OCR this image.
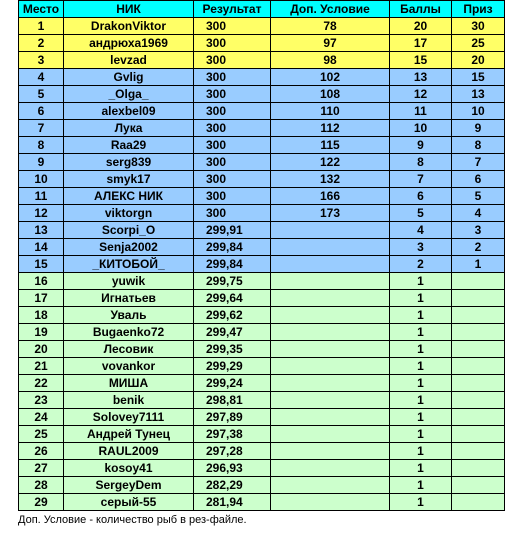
Место	НИК	Результат	Доп. Условие	Баллы	Приз
1	DrakonViktor	300	78	20	30
2	андрюха1969	300	97	17	25
3	levzad	300	98	15	20
4	Gvlig	300	102	13	15
5	_Olga_	300	108	12	13
6	alexbel09	300	110	11	10
7	Лука	300	112	10	9
8	Raa29	300	115	9	8
9	serg839	300	122	8	7
10	smyk17	300	132	7	6
11	АЛЕКС НИК	300	166	6	5
12	viktorgn	300	173	5	4
13	Scorpi_O	299,91		4	3
14	Senja2002	299,84		3	2
15	_КИТОБОЙ_	299,84		2	1
16	yuwik	299,75		1	
17	Игнатьев	299,64		1	
18	Уваль	299,62		1	
19	Bugaenko72	299,47		1	
20	Лесовик	299,35		1	
21	vovankor	299,29		1	
22	МИША	299,24		1	
23	benik	298,81		1	
24	Solovey7111	297,89		1	
25	Андрей Тунец	297,38		1	
26	RAUL2009	297,28		1	
27	kosoy41	296,93		1	
28	SergeyDem	282,29		1	
29	серый-55	281,94		1	
Доп. Условие - количество рыб в рез-файле.
